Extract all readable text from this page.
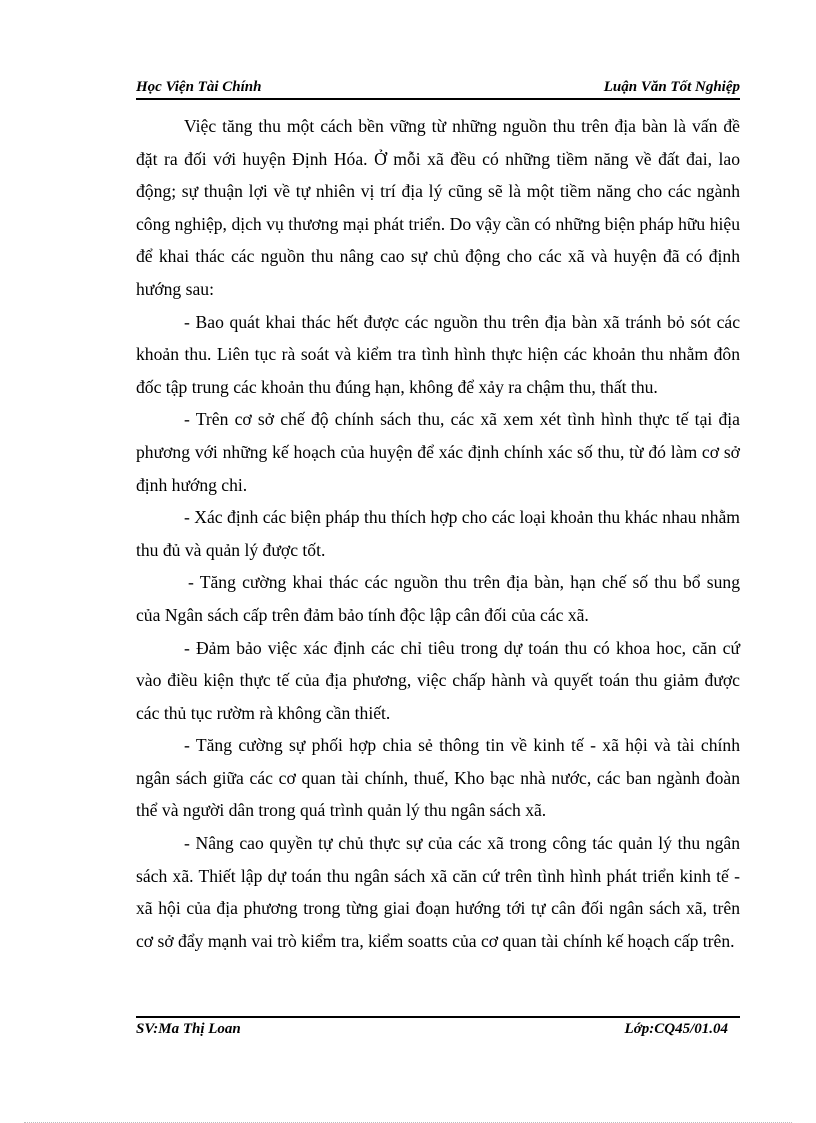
Học Viện Tài Chính	Luận Văn Tốt Nghiệp

Việc tăng thu một cách bền vững từ những nguồn thu trên địa bàn là vấn đề đặt ra đối với huyện Định Hóa. Ở mỗi xã đều có những tiềm năng về đất đai, lao động; sự thuận lợi về tự nhiên vị trí địa lý cũng sẽ là một tiềm năng cho các ngành công nghiệp, dịch vụ thương mại phát triển. Do vậy cần có những biện pháp hữu hiệu để khai thác các nguồn thu nâng cao sự chủ động cho các xã và huyện đã có định hướng sau:

- Bao quát khai thác hết được các nguồn thu trên địa bàn xã tránh bỏ sót các khoản thu. Liên tục rà soát và kiểm tra tình hình thực hiện các khoản thu nhằm đôn đốc tập trung các khoản thu đúng hạn, không để xảy ra chậm thu, thất thu.

- Trên cơ sở chế độ chính sách thu, các xã xem xét tình hình thực tế tại địa phương với những kế hoạch của huyện để xác định chính xác số thu, từ đó làm cơ sở định hướng chi.

- Xác định các biện pháp thu thích hợp cho các loại khoản thu khác nhau nhằm thu đủ và quản lý được tốt.

- Tăng cường khai thác các nguồn thu trên địa bàn, hạn chế số thu bổ sung của Ngân sách cấp trên đảm bảo tính độc lập cân đối của các xã.

- Đảm bảo việc xác định các chỉ tiêu trong dự toán thu có khoa hoc, căn cứ vào điều kiện thực tế của địa phương, việc chấp hành và quyết toán thu giảm được các thủ tục rườm rà không cần thiết.

- Tăng cường sự phối hợp chia sẻ thông tin về kinh tế - xã hội và tài chính ngân sách giữa các cơ quan tài chính, thuế, Kho bạc nhà nước, các ban ngành đoàn thể và người dân trong quá trình quản lý thu ngân sách xã.

- Nâng cao quyền tự chủ thực sự của các xã trong công tác quản lý thu ngân sách xã. Thiết lập dự toán thu ngân sách xã căn cứ trên tình hình phát triển kinh tế - xã hội của địa phương trong từng giai đoạn hướng tới tự cân đối ngân sách xã, trên cơ sở đẩy mạnh vai trò kiểm tra, kiểm soatts của cơ quan tài chính kế hoạch cấp trên.

SV:Ma Thị Loan	Lớp:CQ45/01.04
